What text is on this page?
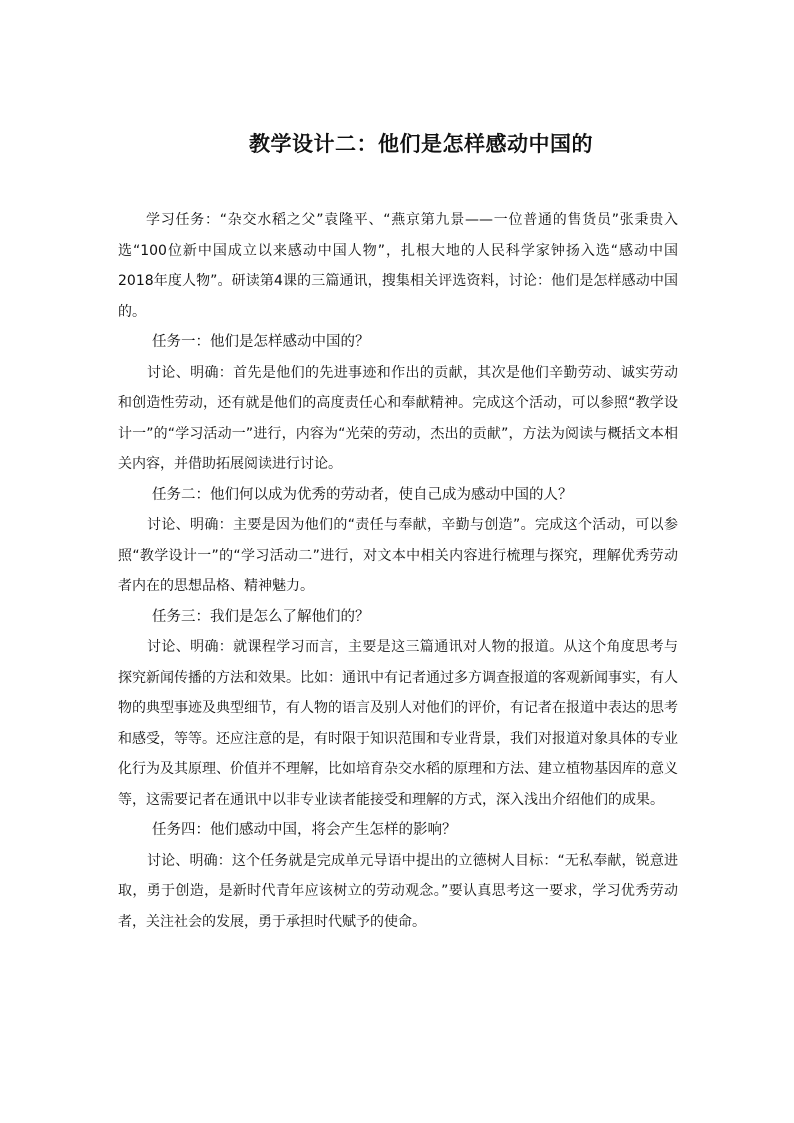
教学设计二：他们是怎样感动中国的

学习任务：“杂交水稻之父”袁隆平、“燕京第九景——一位普通的售货员”张秉贵入选“100位新中国成立以来感动中国人物”，扎根大地的人民科学家钟扬入选“感动中国2018年度人物”。研读第4课的三篇通讯，搜集相关评选资料，讨论：他们是怎样感动中国的。

任务一：他们是怎样感动中国的？

讨论、明确：首先是他们的先进事迹和作出的贡献，其次是他们辛勤劳动、诚实劳动和创造性劳动，还有就是他们的高度责任心和奉献精神。完成这个活动，可以参照“教学设计一”的“学习活动一”进行，内容为“光荣的劳动，杰出的贡献”，方法为阅读与概括文本相关内容，并借助拓展阅读进行讨论。

任务二：他们何以成为优秀的劳动者，使自己成为感动中国的人？

讨论、明确：主要是因为他们的“责任与奉献，辛勤与创造”。完成这个活动，可以参照“教学设计一”的“学习活动二”进行，对文本中相关内容进行梳理与探究，理解优秀劳动者内在的思想品格、精神魅力。

任务三：我们是怎么了解他们的？

讨论、明确：就课程学习而言，主要是这三篇通讯对人物的报道。从这个角度思考与探究新闻传播的方法和效果。比如：通讯中有记者通过多方调查报道的客观新闻事实，有人物的典型事迹及典型细节，有人物的语言及别人对他们的评价，有记者在报道中表达的思考和感受，等等。还应注意的是，有时限于知识范围和专业背景，我们对报道对象具体的专业化行为及其原理、价值并不理解，比如培育杂交水稻的原理和方法、建立植物基因库的意义等，这需要记者在通讯中以非专业读者能接受和理解的方式，深入浅出介绍他们的成果。

任务四：他们感动中国，将会产生怎样的影响？

讨论、明确：这个任务就是完成单元导语中提出的立德树人目标：“无私奉献，锐意进取，勇于创造，是新时代青年应该树立的劳动观念。”要认真思考这一要求，学习优秀劳动者，关注社会的发展，勇于承担时代赋予的使命。
